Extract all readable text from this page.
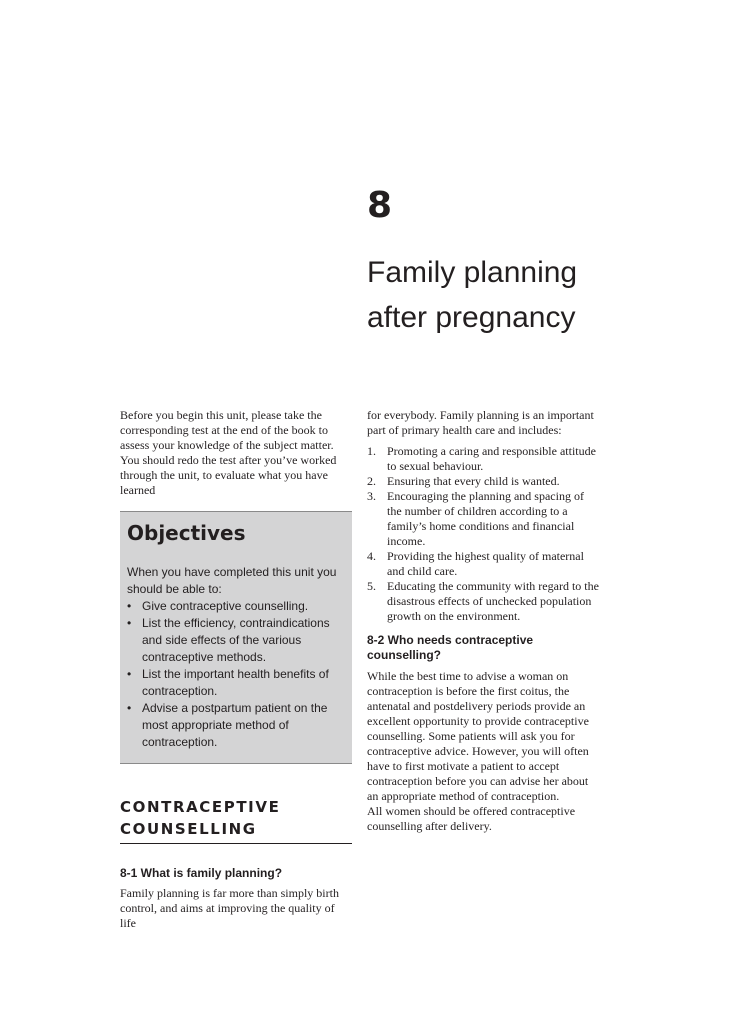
8
Family planning
after pregnancy

Before you begin this unit, please take the corresponding test at the end of the book to assess your knowledge of the subject matter. You should redo the test after you’ve worked through the unit, to evaluate what you have learned

Objectives
When you have completed this unit you should be able to:
• Give contraceptive counselling.
• List the efficiency, contraindications and side effects of the various contraceptive methods.
• List the important health benefits of contraception.
• Advise a postpartum patient on the most appropriate method of contraception.
CONTRACEPTIVE
COUNSELLING
8-1 What is family planning?

Family planning is far more than simply birth control, and aims at improving the quality of life

for everybody. Family planning is an important part of primary health care and includes:

1. Promoting a caring and responsible attitude to sexual behaviour.
2. Ensuring that every child is wanted.
3. Encouraging the planning and spacing of the number of children according to a family’s home conditions and financial income.
4. Providing the highest quality of maternal and child care.
5. Educating the community with regard to the disastrous effects of unchecked population growth on the environment.
8-2 Who needs contraceptive counselling?

While the best time to advise a woman on contraception is before the first coitus, the antenatal and postdelivery periods provide an excellent opportunity to provide contraceptive counselling. Some patients will ask you for contraceptive advice. However, you will often have to first motivate a patient to accept contraception before you can advise her about an appropriate method of contraception.

All women should be offered contraceptive counselling after delivery.
